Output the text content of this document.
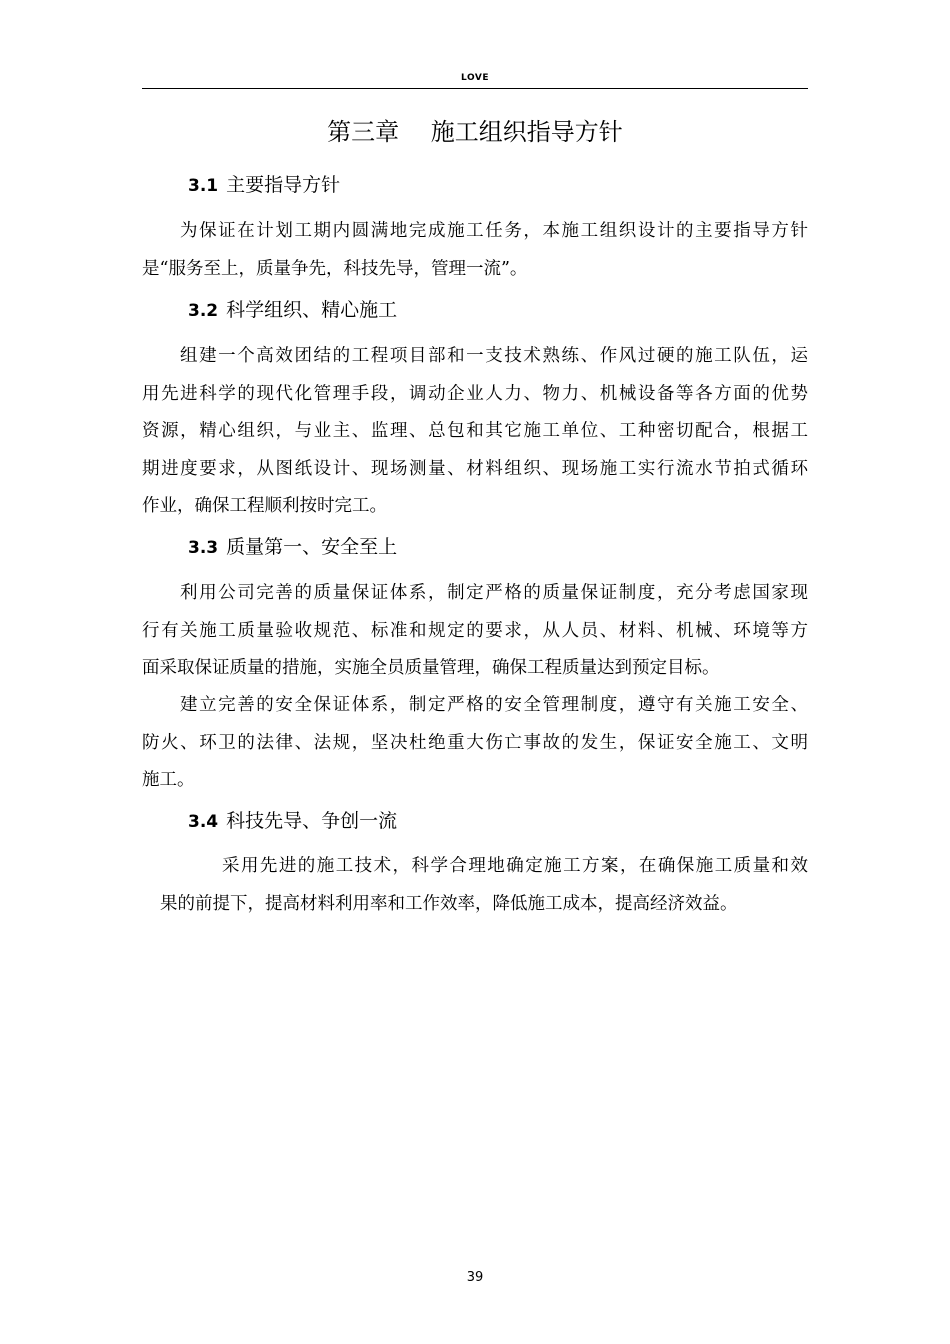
LOVE
第三章　 施工组织指导方针
3.1 主要指导方针

为保证在计划工期内圆满地完成施工任务，本施工组织设计的主要指导方针
是“服务至上，质量争先，科技先导，管理一流”。

3.2 科学组织、精心施工

组建一个高效团结的工程项目部和一支技术熟练、作风过硬的施工队伍，运
用先进科学的现代化管理手段，调动企业人力、物力、机械设备等各方面的优势
资源，精心组织，与业主、监理、总包和其它施工单位、工种密切配合，根据工
期进度要求，从图纸设计、现场测量、材料组织、现场施工实行流水节拍式循环
作业，确保工程顺利按时完工。

3.3 质量第一、安全至上

利用公司完善的质量保证体系，制定严格的质量保证制度，充分考虑国家现
行有关施工质量验收规范、标准和规定的要求，从人员、材料、机械、环境等方
面采取保证质量的措施，实施全员质量管理，确保工程质量达到预定目标。

建立完善的安全保证体系，制定严格的安全管理制度，遵守有关施工安全、
防火、环卫的法律、法规，坚决杜绝重大伤亡事故的发生，保证安全施工、文明
施工。

3.4 科技先导、争创一流

采用先进的施工技术，科学合理地确定施工方案，在确保施工质量和效
果的前提下，提高材料利用率和工作效率，降低施工成本，提高经济效益。

39
